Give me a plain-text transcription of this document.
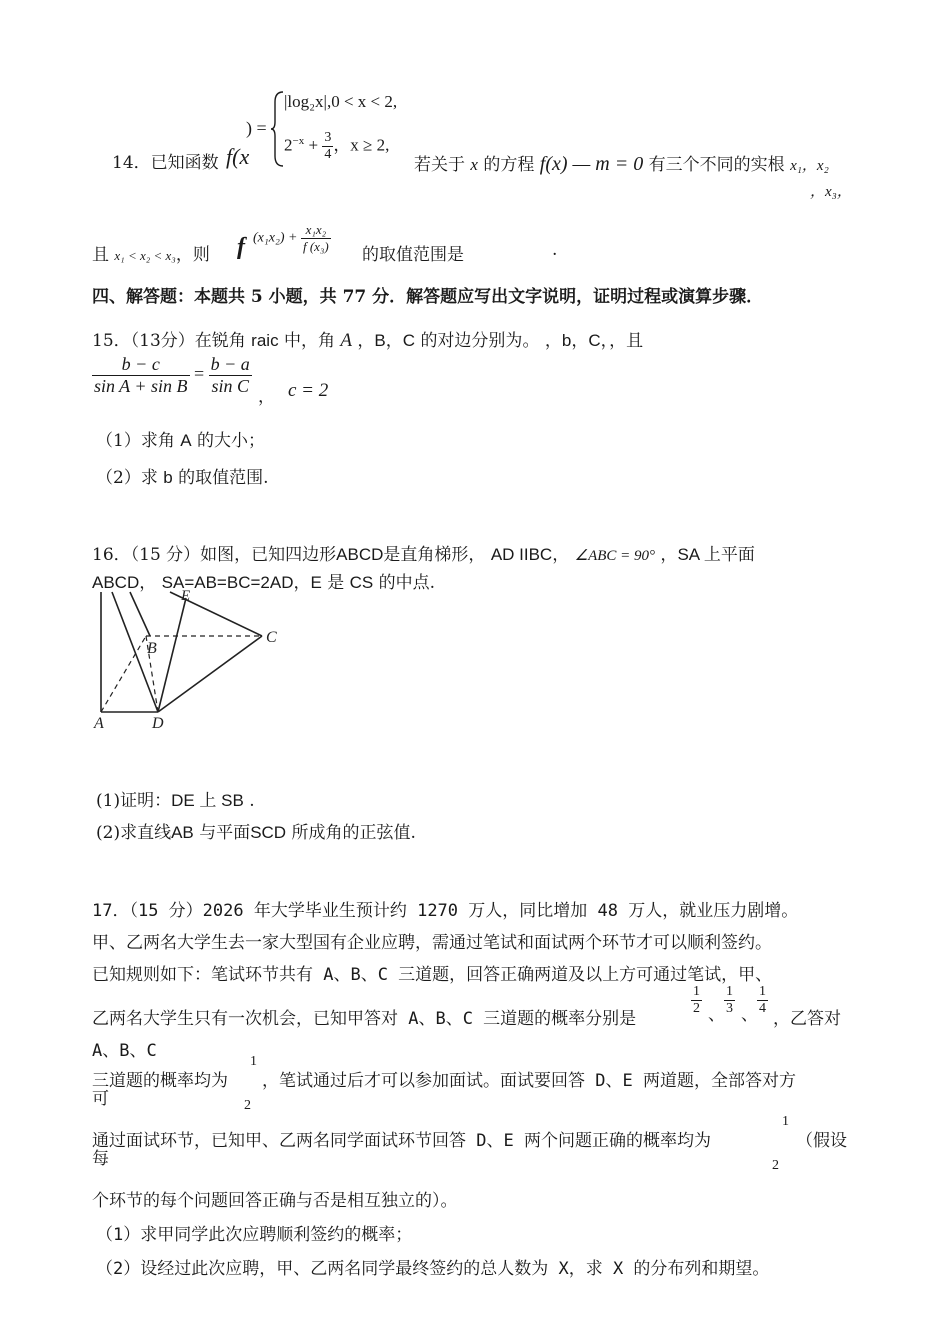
14．已知函数 f(x
) =
|log₂x|,0 < x < 2,
$2^{-x} + \frac{3}{4}$ ，x ≥ 2,
若关于 x 的方程 f(x) — m = 0 有三个不同的实根 x₁，x₂
，x₃，
且 x₁ < x₂ < x₃，则 f $(x_1x_2) + \frac{\text{x₁x₂}}{\text{f (x₃)}}$ 的取值范围是	.
四、解答题：本题共 5 小题，共 77 分．解答题应写出文字说明，证明过程或演算步骤．
15．（13分）在锐角 raic 中，角 A ，B，C 的对边分别为。 ，b，C，，且
$\frac{b - c}{\text{sin A + sin B}} = \frac{b - a}{\text{sin C}}$ ， c = 2
（1）求角 A 的大小；
（2）求 b 的取值范围.
16．（15 分）如图，已知四边形ABCD是直角梯形， AD IIBC， ∠ABC = 90° ，SA 上平面
ABCD， SA=AB=BC=2AD，E 是 CS 的中点.
E
B
C
A	D
(1)证明：DE 上 SB .
(2)求直线AB 与平面SCD 所成角的正弦值.
17．（15 分）2026 年大学毕业生预计约 1270 万人，同比增加 48 万人，就业压力剧增。
甲、乙两名大学生去一家大型国有企业应聘，需通过笔试和面试两个环节才可以顺利签约。
已知规则如下：笔试环节共有 A、B、C 三道题，回答正确两道及以上方可通过笔试，甲、
乙两名大学生只有一次机会，已知甲答对 A、B、C 三道题的概率分别是
$\frac{1}{2}$ 、 $\frac{1}{3}$ 、 $\frac{1}{4}$
，乙答对
A、B、C
三道题的概率均为
1
，笔试通过后才可以参加面试。面试要回答 D、E 两道题，全部答对方
可	2
通过面试环节，已知甲、乙两名同学面试环节回答 D、E 两个问题正确的概率均为
1
（假设
每	2
个环节的每个问题回答正确与否是相互独立的）。
（1）求甲同学此次应聘顺利签约的概率；
（2）设经过此次应聘，甲、乙两名同学最终签约的总人数为 X，求 X 的分布列和期望。
